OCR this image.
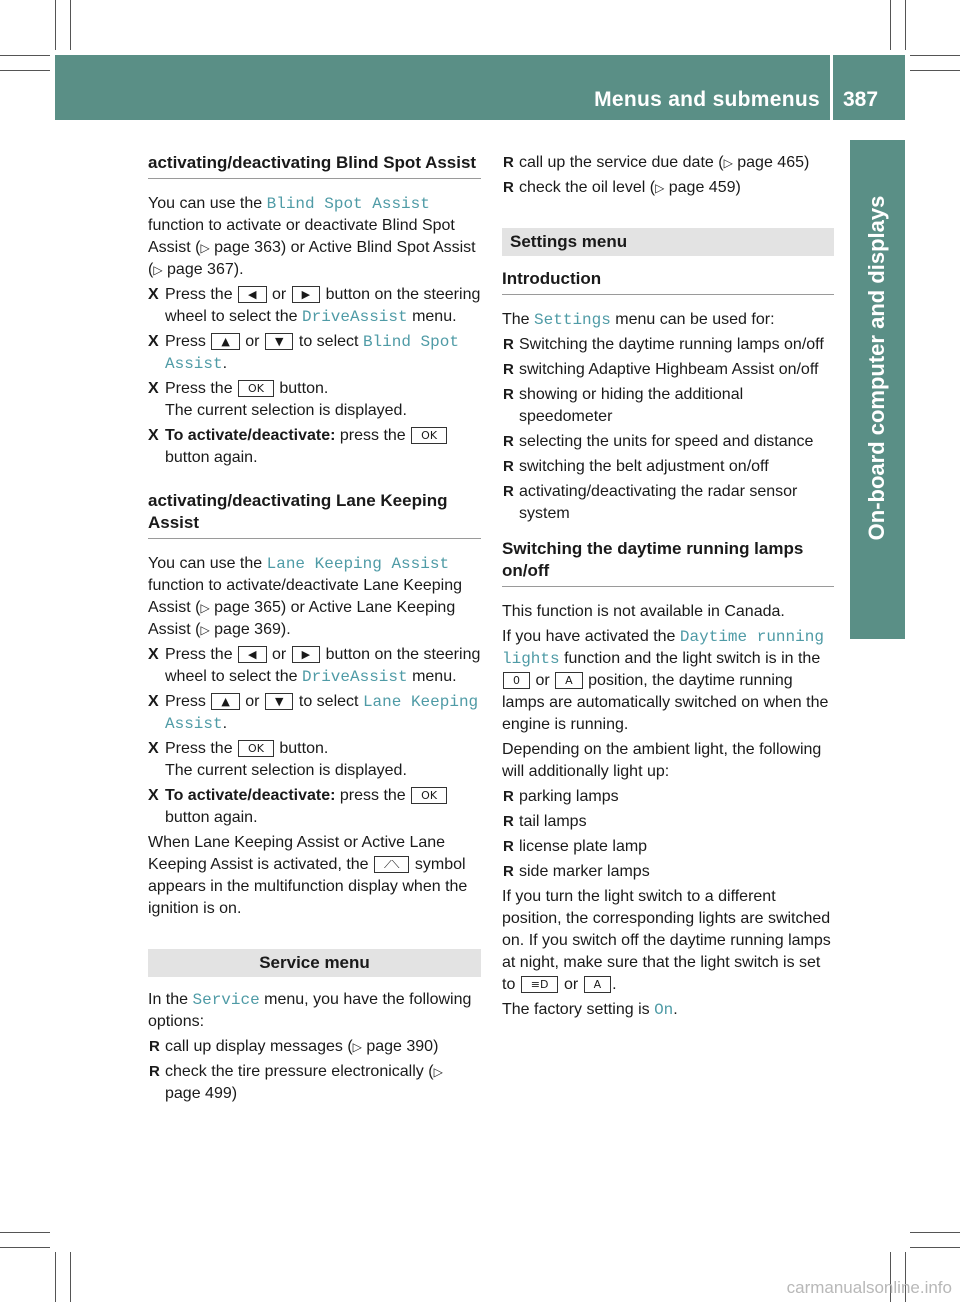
Menus and submenus 387
On-board computer and displays
activating/deactivating Blind Spot Assist

You can use the Blind Spot Assist function to activate or deactivate Blind Spot Assist (▷ page 363) or Active Blind Spot Assist (▷ page 367).

X Press the ◀ or ▶ button on the steering wheel to select the DriveAssist menu.
X Press ▲ or ▼ to select Blind Spot Assist.
X Press the OK button.
The current selection is displayed.
X To activate/deactivate: press the OK button again.
activating/deactivating Lane Keeping Assist

You can use the Lane Keeping Assist function to activate/deactivate Lane Keeping Assist (▷ page 365) or Active Lane Keeping Assist (▷ page 369).

X Press the ◀ or ▶ button on the steering wheel to select the DriveAssist menu.
X Press ▲ or ▼ to select Lane Keeping Assist.
X Press the OK button.
The current selection is displayed.
X To activate/deactivate: press the OK button again.

When Lane Keeping Assist or Active Lane Keeping Assist is activated, the ⟋⟍ symbol appears in the multifunction display when the ignition is on.

Service menu

In the Service menu, you have the following options:

R call up display messages (▷ page 390)
R check the tire pressure electronically (▷ page 499)
R call up the service due date (▷ page 465)
R check the oil level (▷ page 459)
Settings menu
Introduction

The Settings menu can be used for:

R Switching the daytime running lamps on/off
R switching Adaptive Highbeam Assist on/off
R showing or hiding the additional speedometer
R selecting the units for speed and distance
R switching the belt adjustment on/off
R activating/deactivating the radar sensor system
Switching the daytime running lamps on/off

This function is not available in Canada.

If you have activated the Daytime running lights function and the light switch is in the 0 or A position, the daytime running lamps are automatically switched on when the engine is running.

Depending on the ambient light, the following will additionally light up:

R parking lamps
R tail lamps
R license plate lamp
R side marker lamps

If you turn the light switch to a different position, the corresponding lights are switched on. If you switch off the daytime running lamps at night, make sure that the light switch is set to ≡D or A .

The factory setting is On.

carmanualsonline.info
